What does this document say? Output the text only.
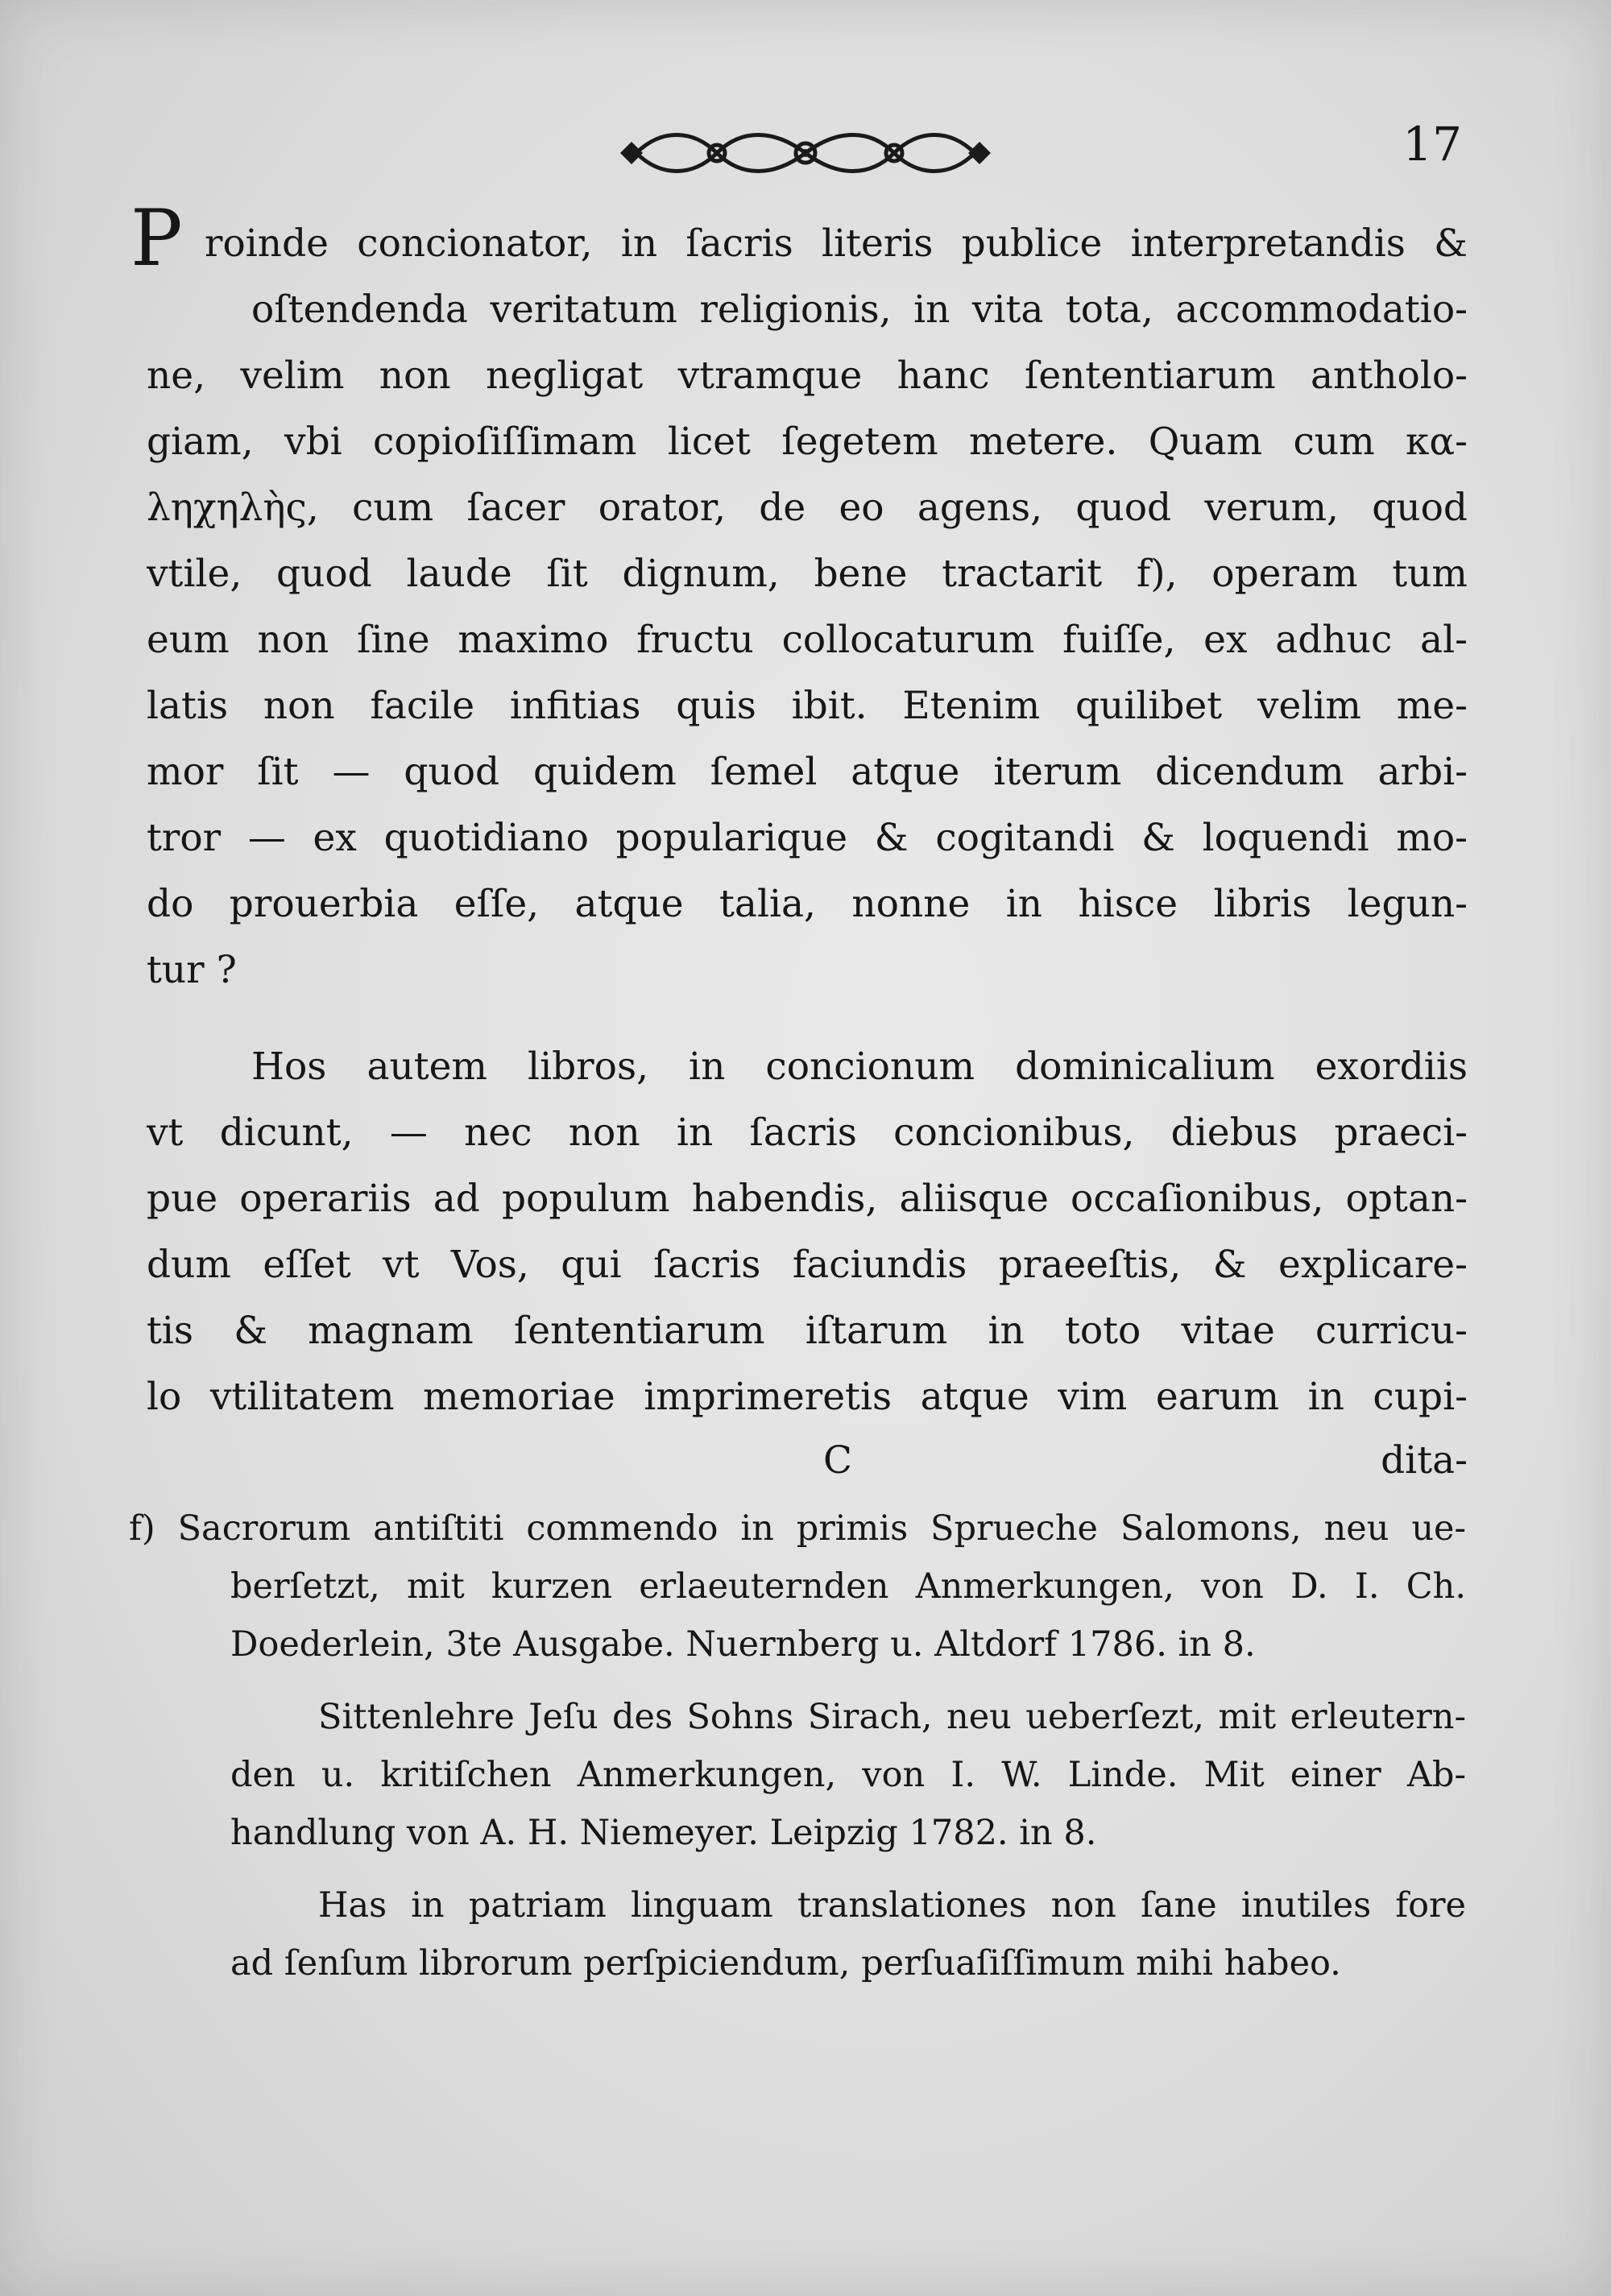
17
P roinde concionator, in ſacris literis publice interpretandis &
oſtendenda veritatum religionis, in vita tota, accommodatio-
ne, velim non negligat vtramque hanc ſententiarum antholo-
giam, vbi copioſiſſimam licet ſegetem metere. Quam cum κα-
ληχηλὴς, cum ſacer orator, de eo agens, quod verum, quod
vtile, quod laude ſit dignum, bene tractarit f), operam tum
eum non ſine maximo fructu collocaturum fuiſſe, ex adhuc al-
latis non facile infitias quis ibit. Etenim quilibet velim me-
mor ſit — quod quidem ſemel atque iterum dicendum arbi-
tror — ex quotidiano populariquе & cogitandi & loquendi mo-
do prouerbia eſſe, atque talia, nonne in hisce libris legun-
tur ?
Hos autem libros, in concionum dominicalium exordiis
vt dicunt, — nec non in ſacris concionibus, diebus praeci-
pue operariis ad populum habendis, aliisque occaſionibus, optan-
dum eſſet vt Vos, qui ſacris faciundis praeeſtis, & explicare-
tis & magnam ſententiarum iſtarum in toto vitae curricu-
lo vtilitatem memoriae imprimeretis atque vim earum in cupi-
C	dita-
f) Sacrorum antiſtiti commendo in primis Spruеche Salomons, neu ue-
berſetzt, mit kurzen erlaeuternden Anmerkungen, von D. I. Ch.
Doederlein, 3te Ausgabe. Nuernberg u. Altdorf 1786. in 8.
Sittenlehre Jeſu des Sohns Sirach, neu ueberſezt, mit erleutern-
den u. kritiſchen Anmerkungen, von I. W. Linde. Mit einer Ab-
handlung von A. H. Niemeyer. Leipzig 1782. in 8.
Has in patriam linguam translationes non ſane inutiles fore
ad ſenſum librorum perſpiciendum, perſuaſiſſimum mihi habeo.
